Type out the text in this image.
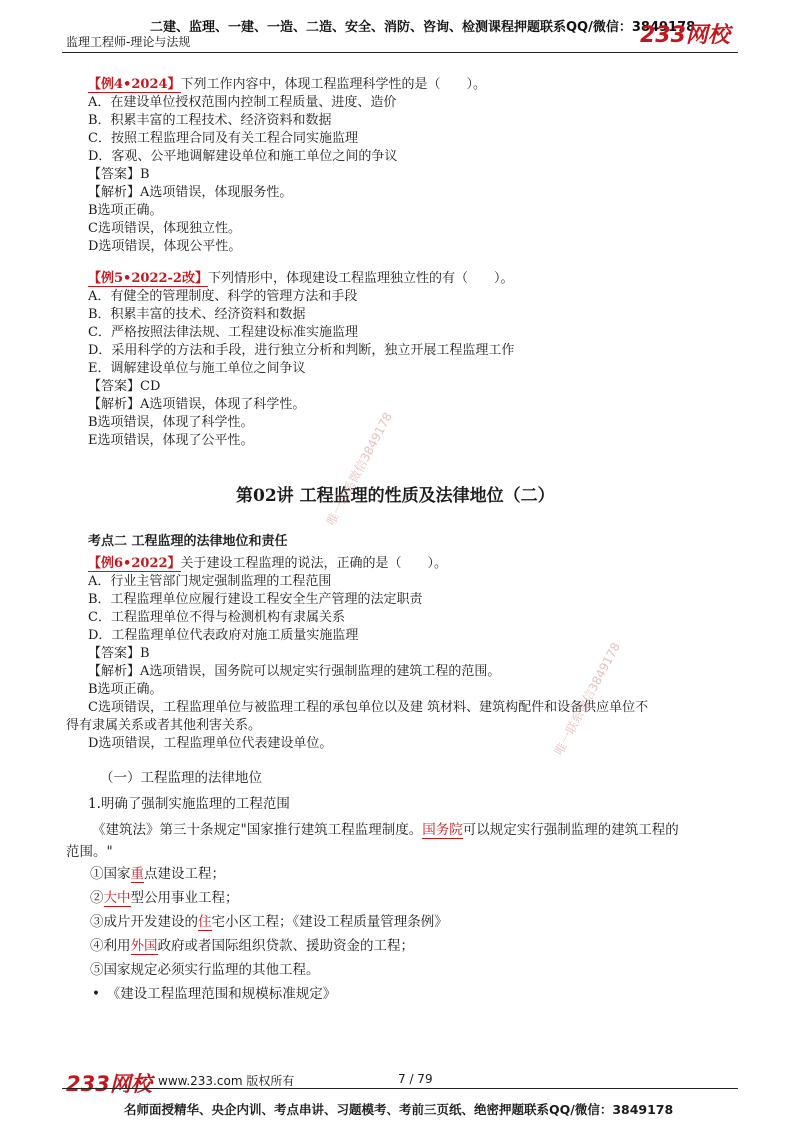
二建、监理、一建、一造、二造、安全、消防、咨询、检测课程押题联系QQ/微信：3849178
监理工程师-理论与法规	233网校
【例4•2024】下列工作内容中，体现工程监理科学性的是（　　）。
A．在建设单位授权范围内控制工程质量、进度、造价
B．积累丰富的工程技术、经济资料和数据
C．按照工程监理合同及有关工程合同实施监理
D．客观、公平地调解建设单位和施工单位之间的争议
【答案】B
【解析】A选项错误，体现服务性。
B选项正确。
C选项错误，体现独立性。
D选项错误，体现公平性。
【例5•2022-2改】下列情形中，体现建设工程监理独立性的有（　　）。
A．有健全的管理制度、科学的管理方法和手段
B．积累丰富的技术、经济资料和数据
C．严格按照法律法规、工程建设标准实施监理
D．采用科学的方法和手段，进行独立分析和判断，独立开展工程监理工作
E．调解建设单位与施工单位之间争议
【答案】CD
【解析】A选项错误，体现了科学性。
B选项错误，体现了科学性。
E选项错误，体现了公平性。
第02讲 工程监理的性质及法律地位（二）
考点二 工程监理的法律地位和责任
【例6•2022】关于建设工程监理的说法，正确的是（　　）。
A．行业主管部门规定强制监理的工程范围
B．工程监理单位应履行建设工程安全生产管理的法定职责
C．工程监理单位不得与检测机构有隶属关系
D．工程监理单位代表政府对施工质量实施监理
【答案】B
【解析】A选项错误，国务院可以规定实行强制监理的建筑工程的范围。
B选项正确。
C选项错误，工程监理单位与被监理工程的承包单位以及建 筑材料、建筑构配件和设备供应单位不
得有隶属关系或者其他利害关系。
D选项错误，工程监理单位代表建设单位。
（一）工程监理的法律地位
1.明确了强制实施监理的工程范围
《建筑法》第三十条规定"国家推行建筑工程监理制度。国务院可以规定实行强制监理的建筑工程的
范围。"
①国家重点建设工程；
②大中型公用事业工程；
③成片开发建设的住宅小区工程；《建设工程质量管理条例》
④利用外国政府或者国际组织贷款、援助资金的工程；
⑤国家规定必须实行监理的其他工程。
•　《建设工程监理范围和规模标准规定》
唯一联系微信3849178
唯一联系微信3849178
233网校 www.233.com 版权所有	7 / 79
名师面授精华、央企内训、考点串讲、习题模考、考前三页纸、绝密押题联系QQ/微信：3849178
